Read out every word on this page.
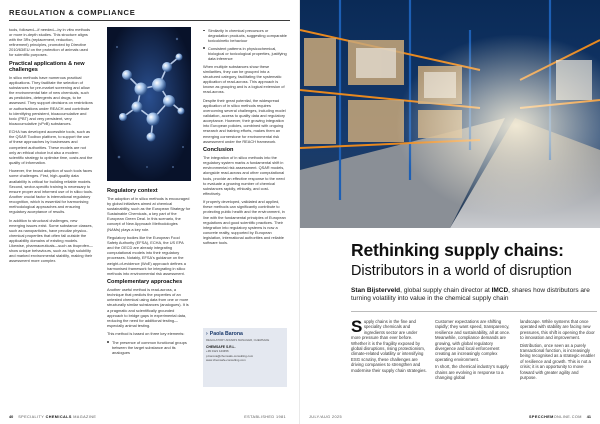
REGULATION & COMPLIANCE

tools, followed—if needed—by in vitro methods or more in-depth studies. This structure aligns with the 3Rs (replacement, reduction, refinement) principles, promoted by Directive 2010/63/EU on the protection of animals used for scientific purposes.

Practical applications & new challenges

In silico methods have numerous practical applications. They facilitate the selection of substances for pre-market screening and allow the environmental fate of new chemicals, such as pesticides, detergents and drugs, to be assessed. They support decisions on restrictions or authorisations under REACH and contribute to identifying persistent, bioaccumulative and toxic (PBT) and very persistent, very bioaccumulative (vPvB) substances.

ECHA has developed accessible tools, such as the QSAR Toolbox platform, to support the use of these approaches by businesses and competent authorities. These models are not only an ethical choice but also a modern scientific strategy to optimise time, costs and the quality of information.

However, the broad adoption of such tools faces some challenges. First, high-quality data availability is critical for building reliable models. Second, sector-specific training is necessary to ensure proper and informed use of in silico tools. Another crucial factor is international regulatory recognition, which is essential for harmonising methodological approaches and ensuring regulatory acceptance of results.

In addition to structural challenges, new emerging issues exist. Some substance classes, such as nanoparticles, have peculiar physico-chemical properties that often fall outside the applicability domains of existing models. Likewise, pharmaceuticals—such as ibuprofen—show unique behaviours, such as high solubility and marked environmental stability, making their assessment more complex.

Regulatory context

The adoption of in silico methods is encouraged by global initiatives aimed at chemical sustainability, such as the European Strategy for Sustainable Chemicals, a key part of the European Green Deal. In this scenario, the concept of New Approach Methodologies (NAMs) plays a key role.

Regulatory bodies like the European Food Safety Authority (EFSA), ECHA, the US EPA and the OECD are already integrating computational models into their regulatory processes. Notably, EFSA's guidance on the weight-of-evidence (WoE) approach defines a harmonised framework for integrating in silico methods into environmental risk assessment.

Complementary approaches

Another useful method is read-across, a technique that predicts the properties of an untested chemical using data from one or more structurally similar substances (analogues). It is a pragmatic and scientifically grounded approach to bridge gaps in experimental data, reducing the need for additional testing—especially animal testing.

This method is based on three key elements:

The presence of common functional groups between the target substance and its analogues
Similarity in chemical precursors or degradation products, suggesting comparable toxicokinetic behaviour
Consistent patterns in physicochemical, biological or toxicological properties, justifying data inference

When multiple substances show these similarities, they can be grouped into a structured category, facilitating the systematic application of read-across. This approach is known as grouping and is a logical extension of read-across.

Despite their great potential, the widespread application of in silico methods requires overcoming several challenges, including model validation, access to quality data and regulatory acceptance. However, their growing integration into European policies, combined with ongoing research and training efforts, makes them an emerging cornerstone for environmental risk assessment under the REACH framework.

Conclusion

The integration of in silico methods into the regulatory system marks a fundamental shift in environmental risk assessment. QSAR models, alongside read-across and other computational tools, provide an effective response to the need to evaluate a growing number of chemical substances rapidly, ethically, and cost-effectively.

If properly developed, validated and applied, these methods can significantly contribute to protecting public health and the environment, in line with the fundamental principles of European regulations and good scientific practices. Their integration into regulatory systems is now a concrete reality, supported by European legislation, international authorities and reliable software tools.

› Paola Barona
REGULATORY AFFAIRS MANAGER, CHEMSAFE
CHEMSAFE S.R.L.
+39 0121 123456
p.barona@chemsafe-consulting.com
www.chemsafe-consulting.com
40 SPECIALITY CHEMICALS MAGAZINE	ESTABLISHED 1981
Rethinking supply chains:
Distributors in a world of disruption
Stan Bijsterveld, global supply chain director at IMCD, shares how distributors are turning volatility into value in the chemical supply chain

Supply chains in the fine and speciality chemicals and ingredients sector are under more pressure than ever before. Whether it is the fragility exposed by global disruptions, rising protectionism, climate-related volatility or intensifying ESG scrutiny, these challenges are driving companies to strengthen and modernise their supply chain strategies.

Customer expectations are shifting rapidly; they want speed, transparency, resilience and sustainability, all at once. Meanwhile, compliance demands are growing, with global regulatory divergence and local enforcement creating an increasingly complex operating environment.

In short, the chemical industry's supply chains are evolving in response to a changing global

landscape. While systems that once operated with stability are facing new pressures, this shift is opening the door to innovation and improvement.

Distribution, once seen as a purely transactional function, is increasingly being recognised as a strategic enabler of resilience and growth. This is not a crisis; it is an opportunity to move forward with greater agility and purpose.

JULY/AUG 2025	SPECCHEMONLINE.COM 41
